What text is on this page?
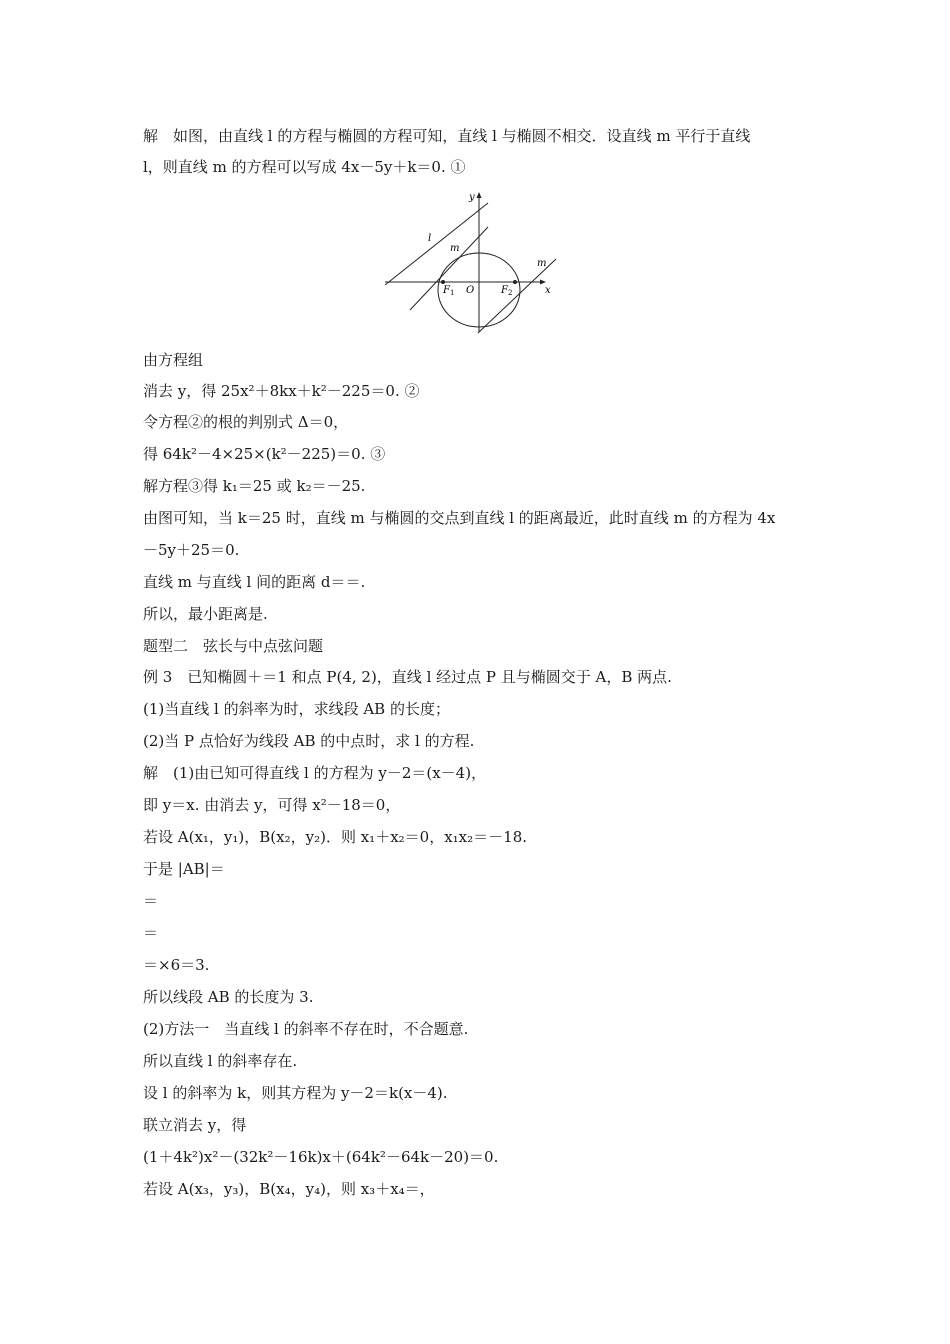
解　如图，由直线 l 的方程与椭圆的方程可知，直线 l 与椭圆不相交．设直线 m 平行于直线
l，则直线 m 的方程可以写成 4x－5y＋k＝0. ①
y
l
m
m
$F_1$ O	$F_2$	x
由方程组
消去 y，得 25x²＋8kx＋k²－225＝0. ②
令方程②的根的判别式 Δ＝0，
得 64k²－4×25×(k²－225)＝0. ③
解方程③得 k₁＝25 或 k₂＝－25.
由图可知，当 k＝25 时，直线 m 与椭圆的交点到直线 l 的距离最近，此时直线 m 的方程为 4x
－5y＋25＝0.
直线 m 与直线 l 间的距离 d＝＝.
所以，最小距离是.
题型二　弦长与中点弦问题
例 3　已知椭圆＋＝1 和点 P(4, 2)，直线 l 经过点 P 且与椭圆交于 A，B 两点.
(1)当直线 l 的斜率为时，求线段 AB 的长度；
(2)当 P 点恰好为线段 AB 的中点时，求 l 的方程.
解　(1)由已知可得直线 l 的方程为 y－2＝(x－4)，
即 y＝x. 由消去 y，可得 x²－18＝0，
若设 A(x₁，y₁)，B(x₂，y₂)．则 x₁＋x₂＝0，x₁x₂＝－18.
于是 |AB|＝
＝
＝
＝×6＝3.
所以线段 AB 的长度为 3.
(2)方法一　当直线 l 的斜率不存在时，不合题意.
所以直线 l 的斜率存在.
设 l 的斜率为 k，则其方程为 y－2＝k(x－4).
联立消去 y，得
(1＋4k²)x²－(32k²－16k)x＋(64k²－64k－20)＝0.
若设 A(x₃，y₃)，B(x₄，y₄)，则 x₃＋x₄＝，
